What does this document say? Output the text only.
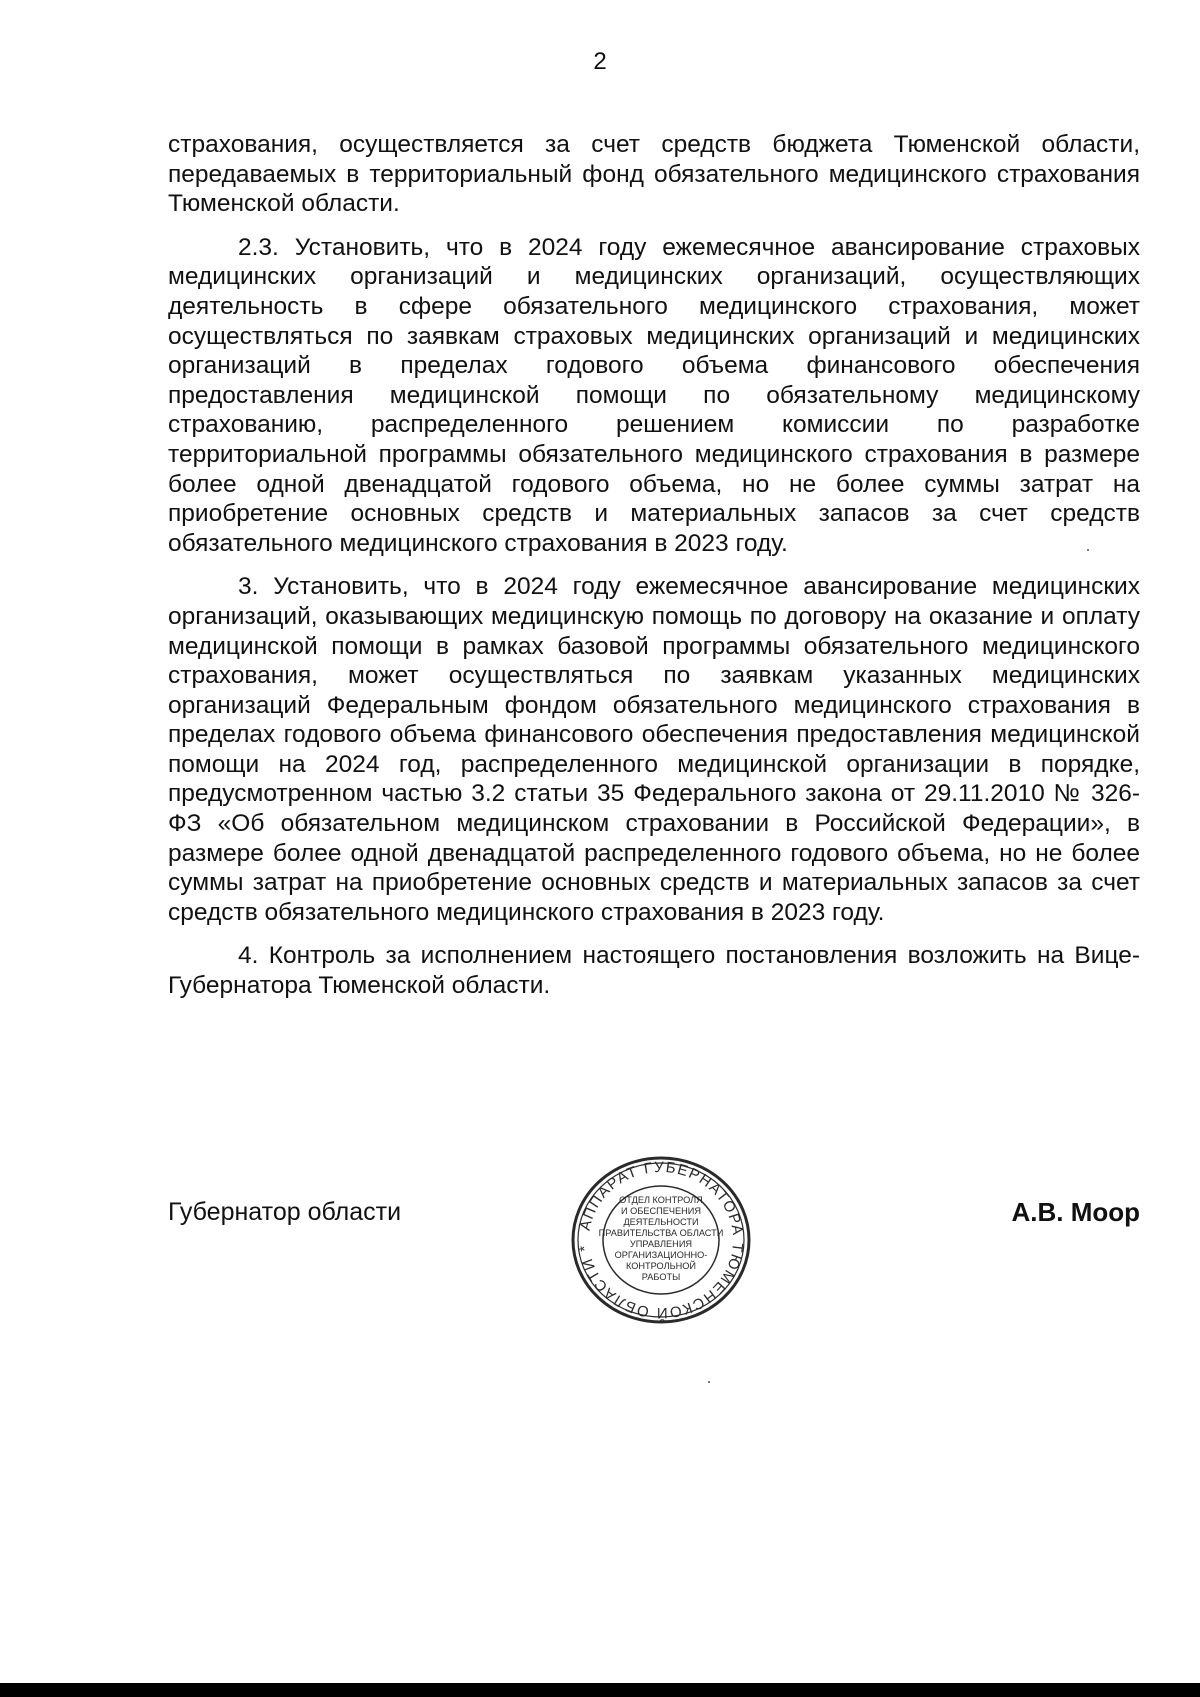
2

страхования, осуществляется за счет средств бюджета Тюменской области, передаваемых в территориальный фонд обязательного медицинского страхования Тюменской области.

2.3. Установить, что в 2024 году ежемесячное авансирование страховых медицинских организаций и медицинских организаций, осуществляющих деятельность в сфере обязательного медицинского страхования, может осуществляться по заявкам страховых медицинских организаций и медицинских организаций в пределах годового объема финансового обеспечения предоставления медицинской помощи по обязательному медицинскому страхованию, распределенного решением комиссии по разработке территориальной программы обязательного медицинского страхования в размере более одной двенадцатой годового объема, но не более суммы затрат на приобретение основных средств и материальных запасов за счет средств обязательного медицинского страхования в 2023 году.

3. Установить, что в 2024 году ежемесячное авансирование медицинских организаций, оказывающих медицинскую помощь по договору на оказание и оплату медицинской помощи в рамках базовой программы обязательного медицинского страхования, может осуществляться по заявкам указанных медицинских организаций Федеральным фондом обязательного медицинского страхования в пределах годового объема финансового обеспечения предоставления медицинской помощи на 2024 год, распределенного медицинской организации в порядке, предусмотренном частью 3.2 статьи 35 Федерального закона от 29.11.2010 № 326-ФЗ «Об обязательном медицинском страховании в Российской Федерации», в размере более одной двенадцатой распределенного годового объема, но не более суммы затрат на приобретение основных средств и материальных запасов за счет средств обязательного медицинского страхования в 2023 году.

4. Контроль за исполнением настоящего постановления возложить на Вице-Губернатора Тюменской области.

Губернатор области	АППАРАТ ГУБЕРНАТОРА ТЮМЕНСКОЙ ОБЛАСТИ *
ОТДЕЛ КОНТРОЛЯ
И ОБЕСПЕЧЕНИЯ
ДЕЯТЕЛЬНОСТИ
ПРАВИТЕЛЬСТВА ОБЛАСТИ
УПРАВЛЕНИЯ
ОРГАНИЗАЦИОННО-
КОНТРОЛЬНОЙ
РАБОТЫ
А.В. Моор
